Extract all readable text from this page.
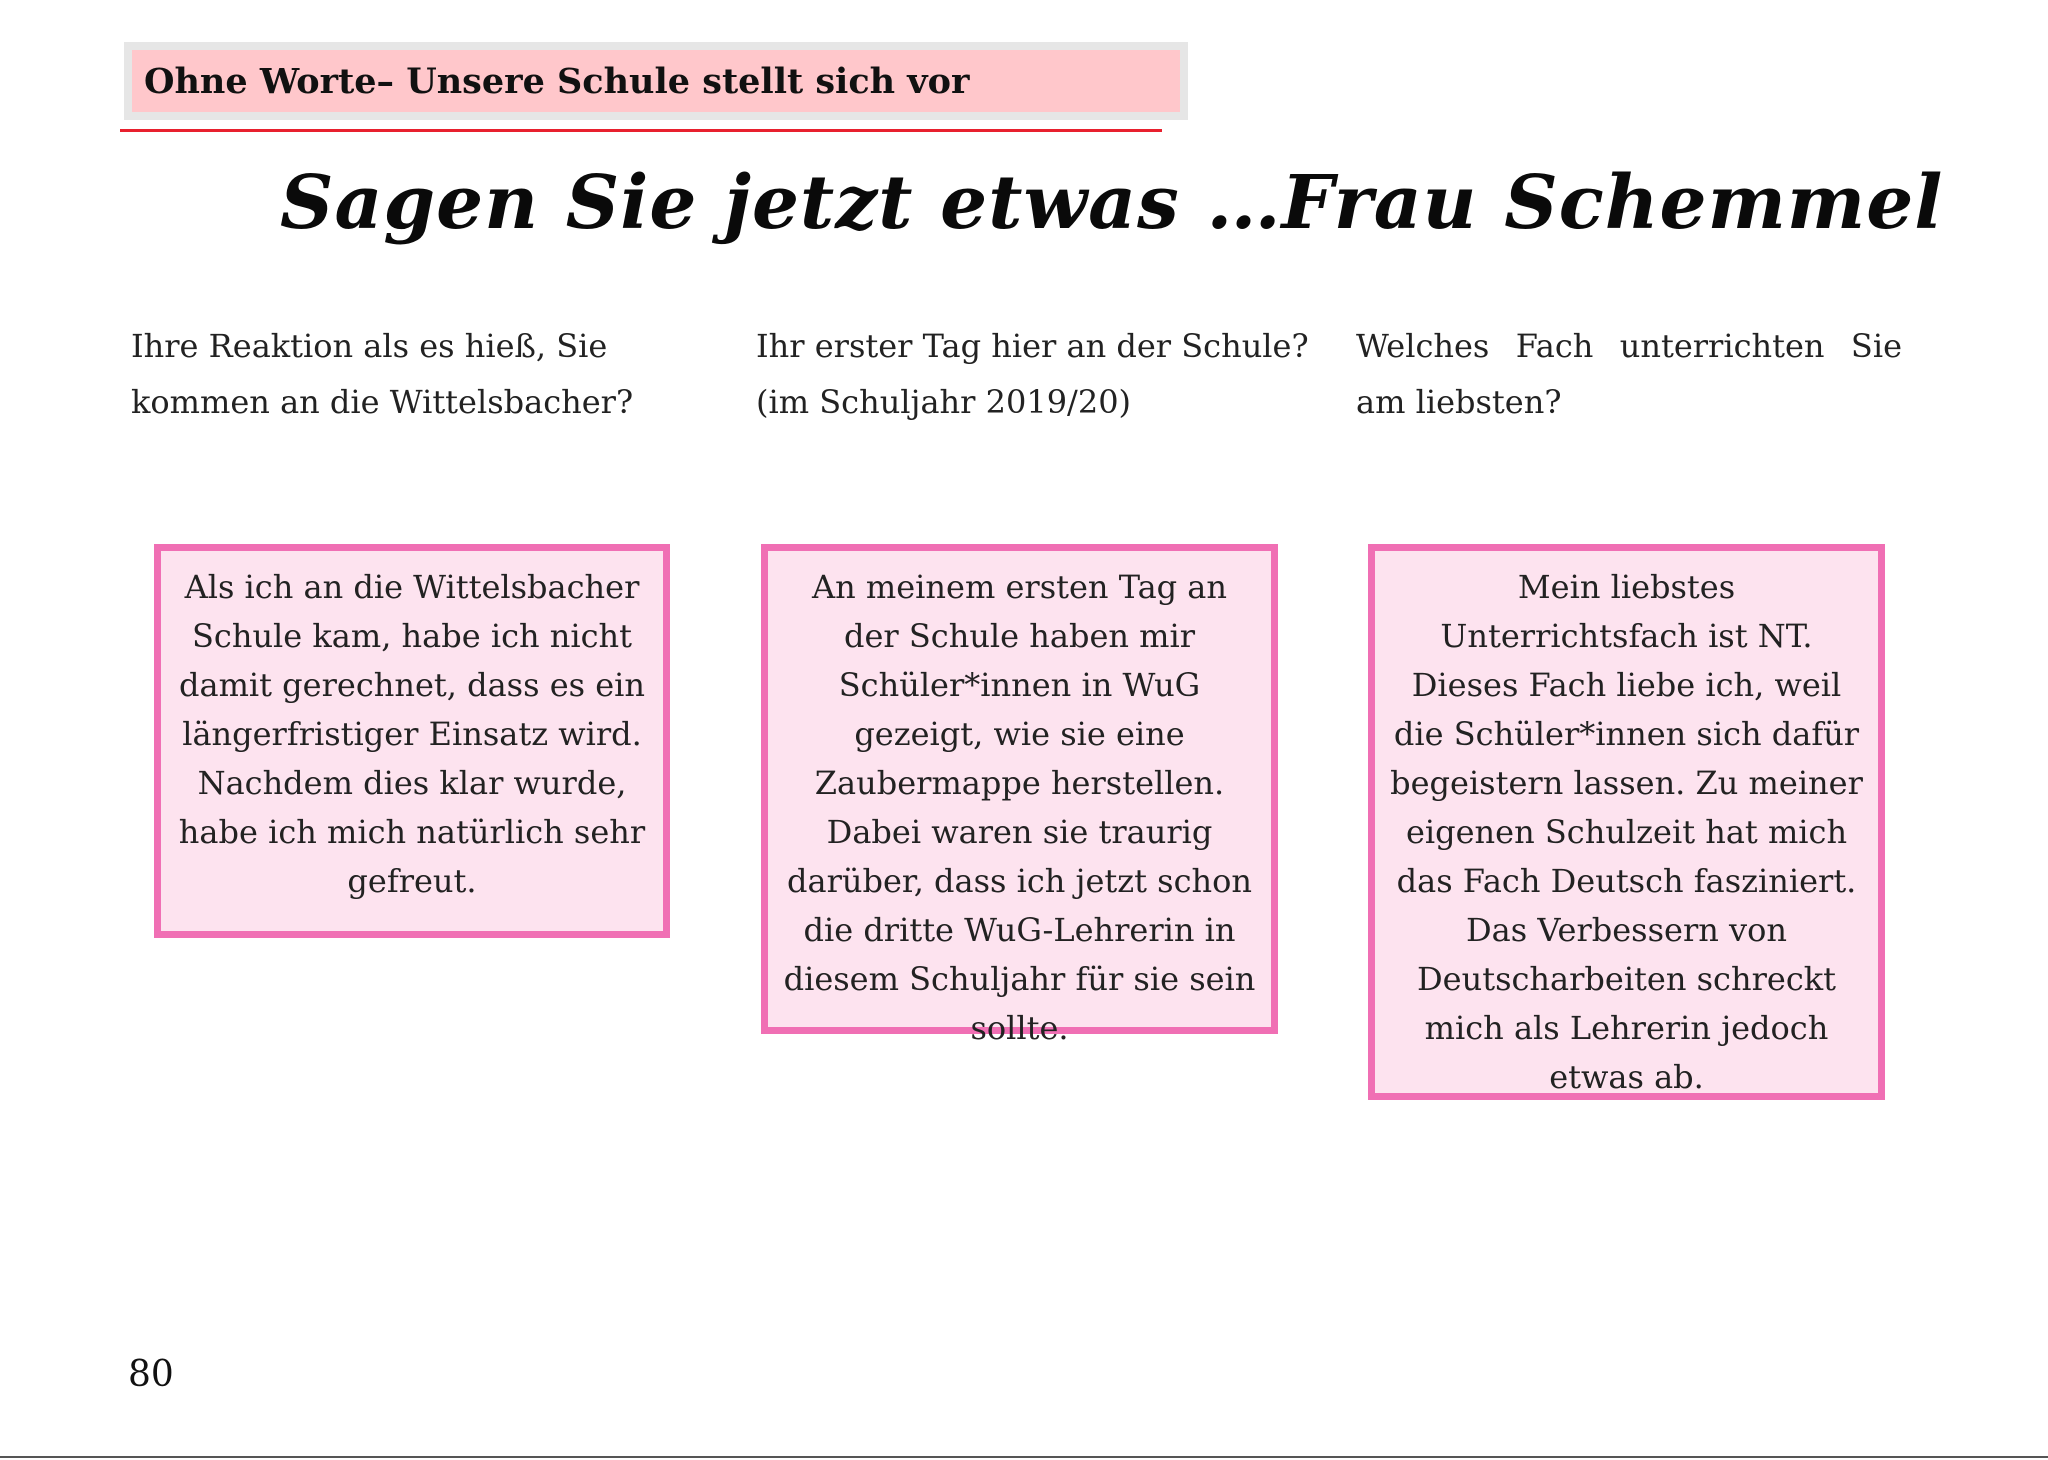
Ohne Worte– Unsere Schule stellt sich vor
Sagen Sie jetzt etwas …Frau Schemmel
Ihre Reaktion als es hieß, Sie kommen an die Wittelsbacher?
Ihr erster Tag hier an der Schule? (im Schuljahr 2019/20)
Welches Fach unterrichten Sie am liebsten?
Als ich an die Wittelsbacher Schule kam, habe ich nicht damit gerechnet, dass es ein längerfristiger Einsatz wird. Nachdem dies klar wurde, habe ich mich natürlich sehr gefreut.
An meinem ersten Tag an der Schule haben mir Schüler*innen in WuG gezeigt, wie sie eine Zaubermappe herstellen. Dabei waren sie traurig darüber, dass ich jetzt schon die dritte WuG-Lehrerin in diesem Schuljahr für sie sein sollte.
Mein liebstes Unterrichtsfach ist NT. Dieses Fach liebe ich, weil die Schüler*innen sich dafür begeistern lassen. Zu meiner eigenen Schulzeit hat mich das Fach Deutsch fasziniert. Das Verbessern von Deutscharbeiten schreckt mich als Lehrerin jedoch etwas ab.
80
